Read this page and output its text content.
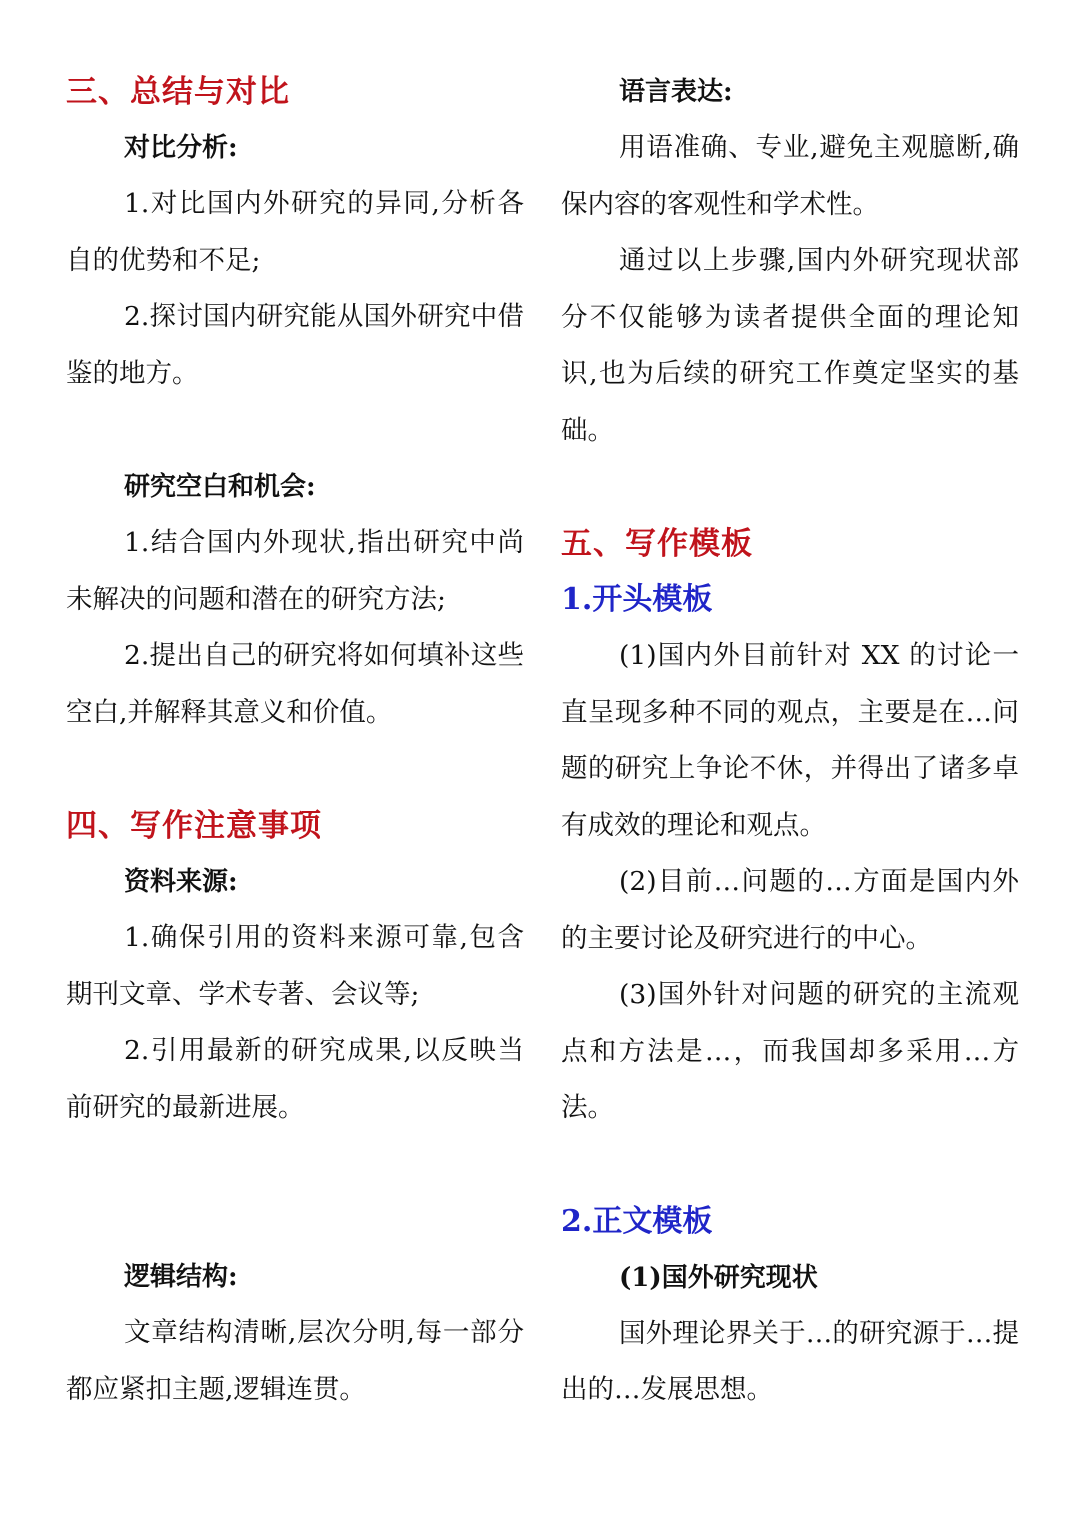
三、总结与对比
对比分析:
1.对比国内外研究的异同,分析各自的优势和不足;
2.探讨国内研究能从国外研究中借鉴的地方。
研究空白和机会:
1.结合国内外现状,指出研究中尚未解决的问题和潜在的研究方法;
2.提出自己的研究将如何填补这些空白,并解释其意义和价值。
四、写作注意事项
资料来源:
1.确保引用的资料来源可靠,包含期刊文章、学术专著、会议等;
2.引用最新的研究成果,以反映当前研究的最新进展。
逻辑结构:
文章结构清晰,层次分明,每一部分都应紧扣主题,逻辑连贯。
语言表达:
用语准确、专业,避免主观臆断,确保内容的客观性和学术性。
通过以上步骤,国内外研究现状部分不仅能够为读者提供全面的理论知识,也为后续的研究工作奠定坚实的基础。
五、写作模板
1.开头模板
(1)国内外目前针对 XX 的讨论一直呈现多种不同的观点，主要是在…问题的研究上争论不休，并得出了诸多卓有成效的理论和观点。
(2)目前…问题的…方面是国内外的主要讨论及研究进行的中心。
(3)国外针对问题的研究的主流观点和方法是…，而我国却多采用…方法。
2.正文模板
(1)国外研究现状
国外理论界关于…的研究源于…提出的…发展思想。
